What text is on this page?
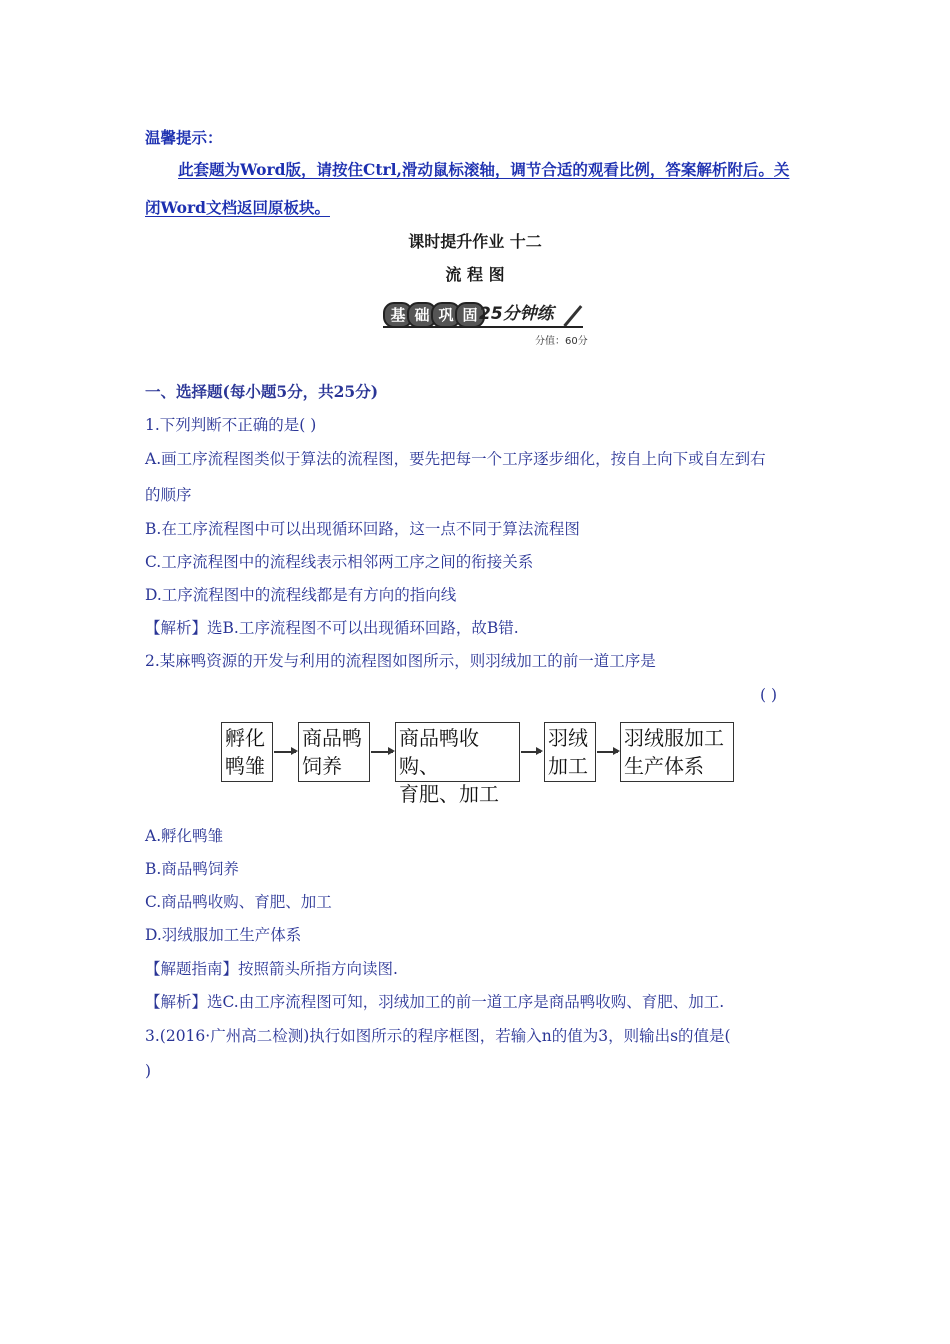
温馨提示：
此套题为Word版，请按住Ctrl,滑动鼠标滚轴，调节合适的观看比例，答案解析附后。关
闭Word文档返回原板块。
课时提升作业 十二
流 程 图
基 础 巩 固 25分钟练
分值：60分
一、选择题(每小题5分，共25分)
1.下列判断不正确的是( )
A.画工序流程图类似于算法的流程图，要先把每一个工序逐步细化，按自上向下或自左到右
的顺序
B.在工序流程图中可以出现循环回路，这一点不同于算法流程图
C.工序流程图中的流程线表示相邻两工序之间的衔接关系
D.工序流程图中的流程线都是有方向的指向线
【解析】选B.工序流程图不可以出现循环回路，故B错.
2.某麻鸭资源的开发与利用的流程图如图所示，则羽绒加工的前一道工序是
( )
孵化
鸭雏
商品鸭
饲养
商品鸭收购、
育肥、加工
羽绒
加工
羽绒服加工
生产体系
A.孵化鸭雏
B.商品鸭饲养
C.商品鸭收购、育肥、加工
D.羽绒服加工生产体系
【解题指南】按照箭头所指方向读图.
【解析】选C.由工序流程图可知，羽绒加工的前一道工序是商品鸭收购、育肥、加工.
3.(2016·广州高二检测)执行如图所示的程序框图，若输入n的值为3，则输出s的值是(
)
